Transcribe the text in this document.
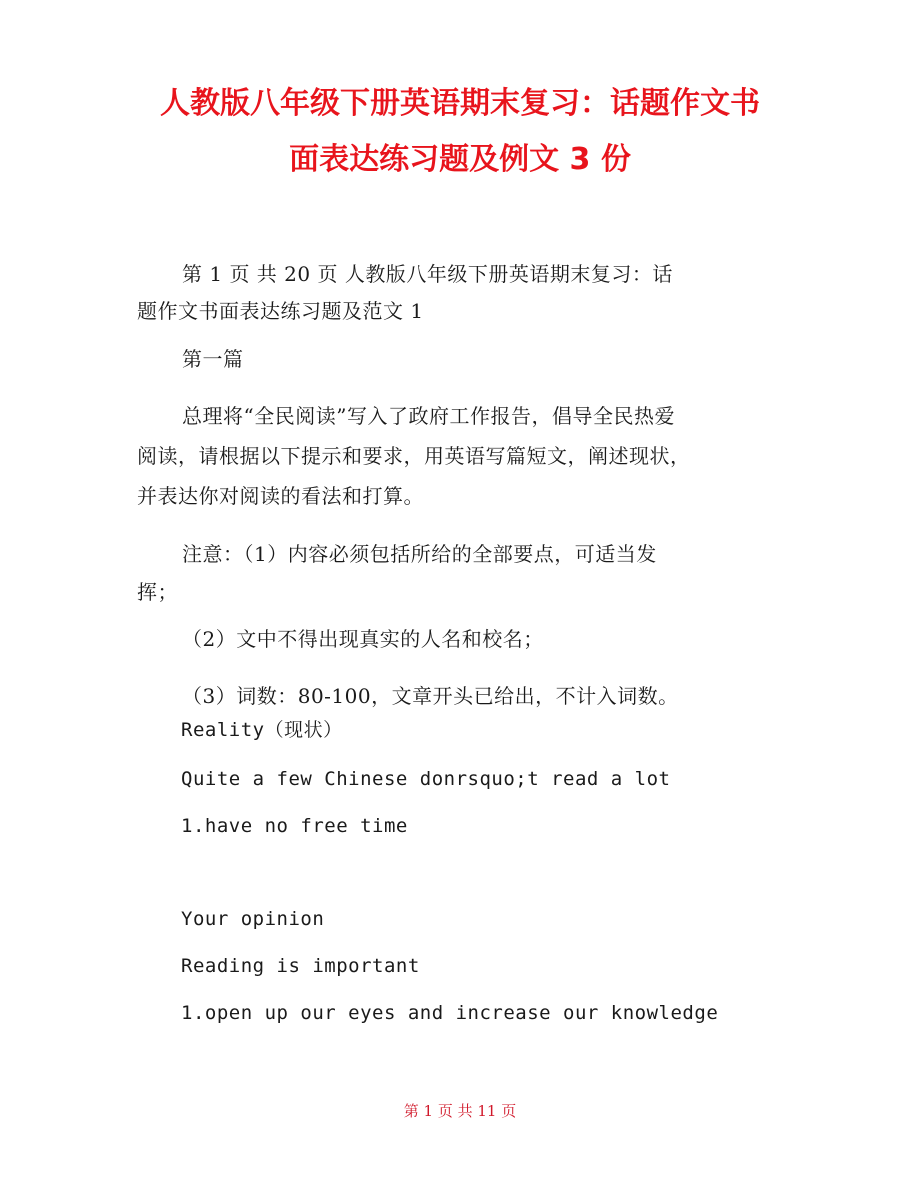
人教版八年级下册英语期末复习：话题作文书
面表达练习题及例文 3 份

第 1 页 共 20 页 人教版八年级下册英语期末复习：话

题作文书面表达练习题及范文 1

第一篇

总理将“全民阅读”写入了政府工作报告，倡导全民热爱

阅读，请根据以下提示和要求，用英语写篇短文，阐述现状，

并表达你对阅读的看法和打算。

注意：（1）内容必须包括所给的全部要点，可适当发

挥；

（2）文中不得出现真实的人名和校名；

（3）词数：80-100，文章开头已给出，不计入词数。

Reality（现状）

Quite a few Chinese donrsquo;t read a lot

1.have no free time

Your opinion

Reading is important

1.open up our eyes and increase our knowledge

第 1 页 共 11 页
